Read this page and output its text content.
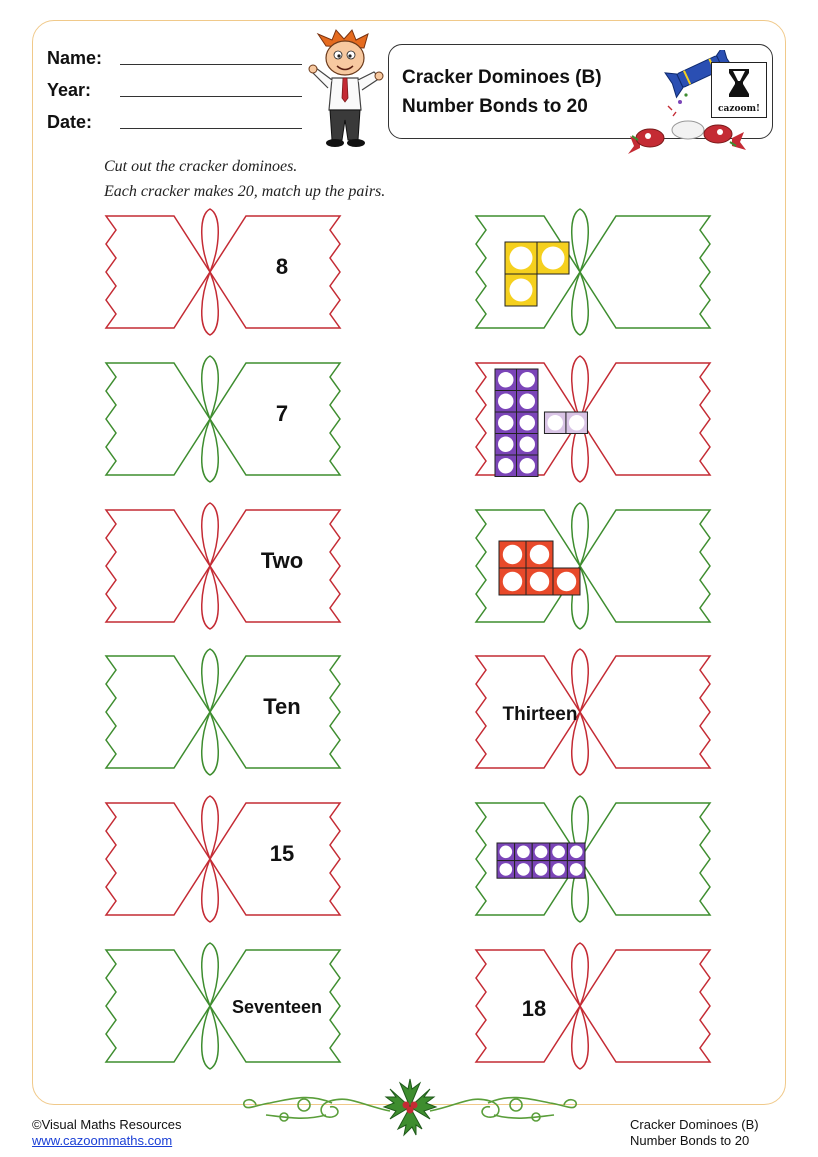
Name:
Year:
Date:
Cracker Dominoes (B)
Number Bonds to 20	cazoom!
Cut out the cracker dominoes.
Each cracker makes 20, match up the pairs.
8
7
Two
Ten
15
Seventeen
Thirteen
18
©Visual Maths Resources
www.cazoommaths.com
Cracker Dominoes (B)
Number Bonds to 20
